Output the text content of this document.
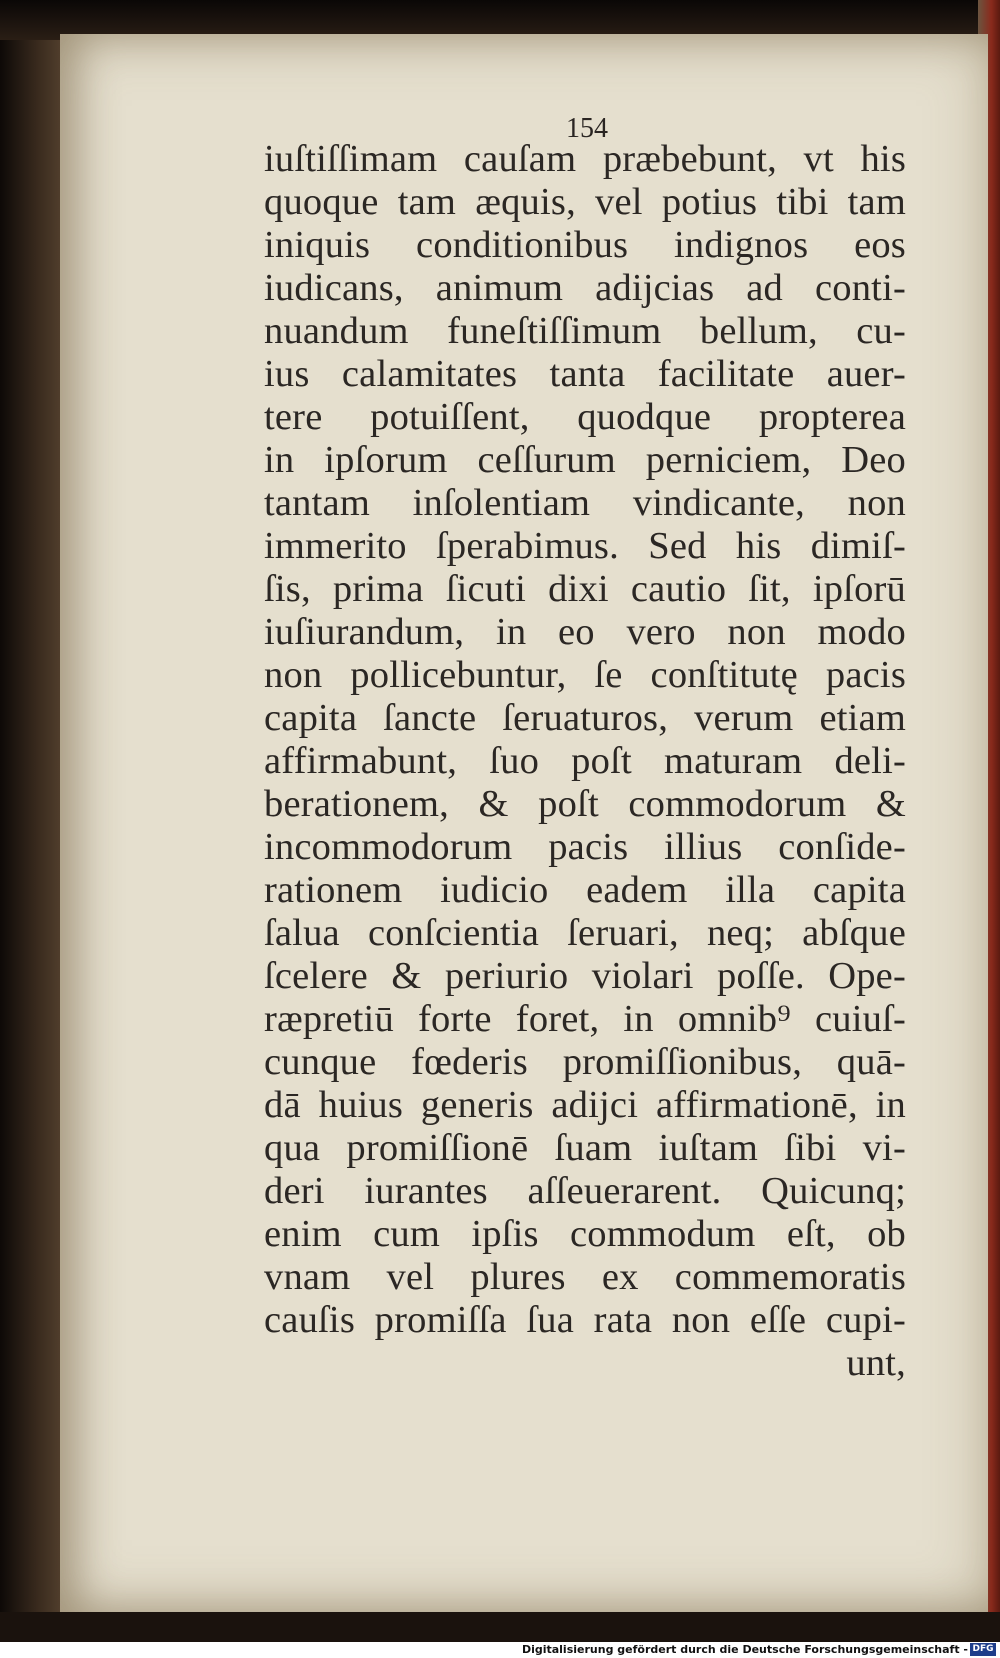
154
iuſtiſſimam cauſam præbebunt, vt his
quoque tam æquis, vel potius tibi tam
iniquis conditionibus indignos eos
iudicans, animum adijcias ad conti-
nuandum funeſtiſſimum bellum, cu-
ius calamitates tanta facilitate auer-
tere potuiſſent, quodque propterea
in ipſorum ceſſurum perniciem, Deo
tantam inſolentiam vindicante, non
immerito ſperabimus. Sed his dimiſ-
ſis, prima ſicuti dixi cautio ſit, ipſorū
iuſiurandum, in eo vero non modo
non pollicebuntur, ſe conſtitutę pacis
capita ſancte ſeruaturos, verum etiam
affirmabunt, ſuo poſt maturam deli-
berationem, & poſt commodorum &
incommodorum pacis illius conſide-
rationem iudicio eadem illa capita
ſalua conſcientia ſeruari, neq; abſque
ſcelere & periurio violari poſſe. Ope-
ræpretiū forte foret, in omnib⁹ cuiuſ-
cunque fœderis promiſſionibus, quā-
dā huius generis adijci affirmationē, in
qua promiſſionē ſuam iuſtam ſibi vi-
deri iurantes aſſeuerarent. Quicunq;
enim cum ipſis commodum eſt, ob
vnam vel plures ex commemoratis
cauſis promiſſa ſua rata non eſſe cupi-
unt,
Digitalisierung gefördert durch die Deutsche Forschungsgemeinschaft - DFG
